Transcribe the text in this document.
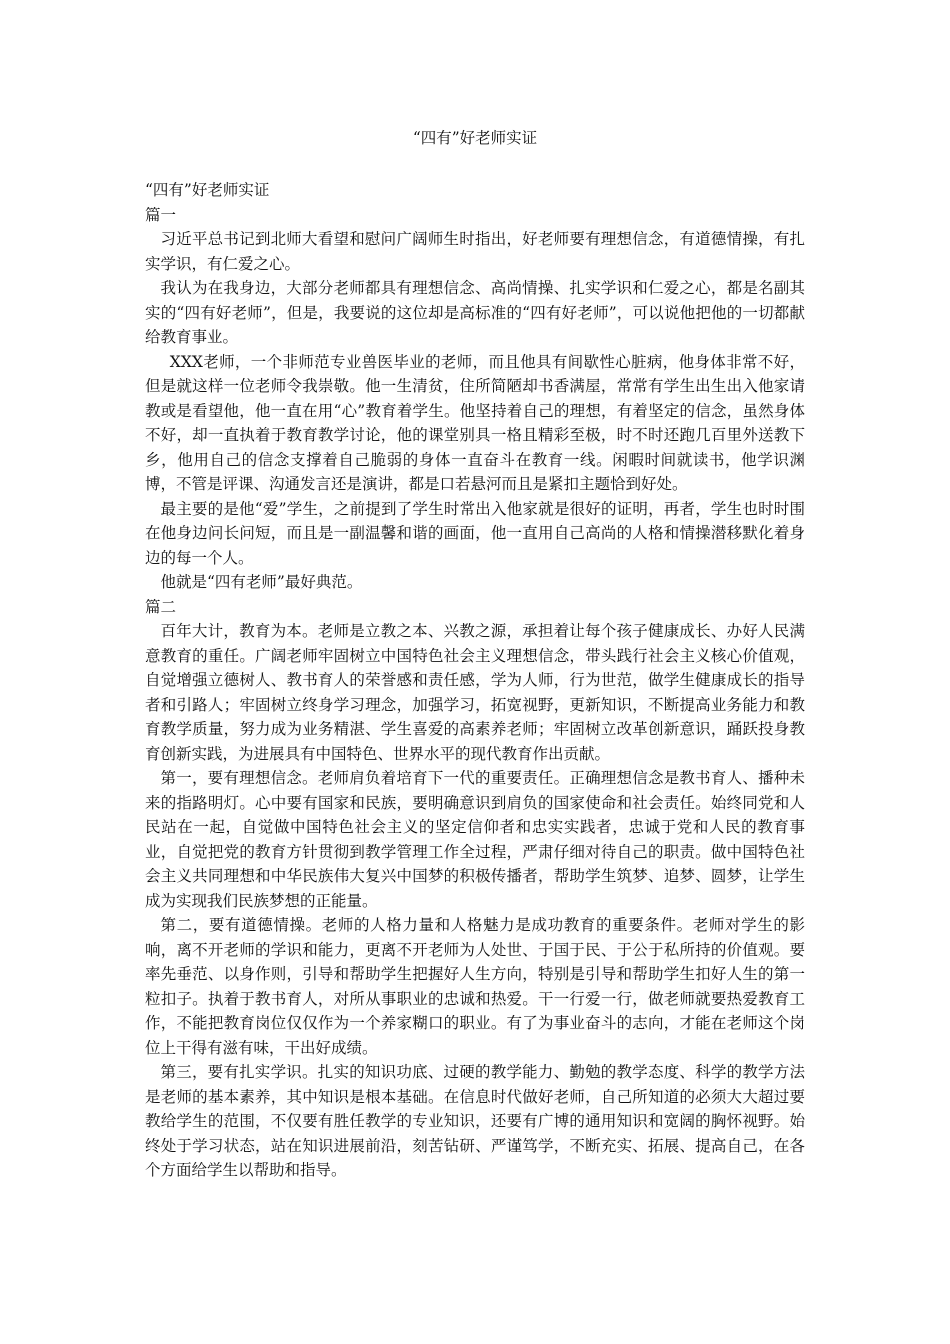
“四有”好老师实证

“四有”好老师实证

篇一

习近平总书记到北师大看望和慰问广阔师生时指出，好老师要有理想信念，有道德情操，有扎实学识，有仁爱之心。

我认为在我身边，大部分老师都具有理想信念、高尚情操、扎实学识和仁爱之心，都是名副其实的“四有好老师”，但是，我要说的这位却是高标准的“四有好老师”，可以说他把他的一切都献给教育事业。

XXX老师，一个非师范专业兽医毕业的老师，而且他具有间歇性心脏病，他身体非常不好，但是就这样一位老师令我崇敬。他一生清贫，住所简陋却书香满屋，常常有学生出生出入他家请教或是看望他，他一直在用“心”教育着学生。他坚持着自己的理想，有着坚定的信念，虽然身体不好，却一直执着于教育教学讨论，他的课堂别具一格且精彩至极，时不时还跑几百里外送教下乡，他用自己的信念支撑着自己脆弱的身体一直奋斗在教育一线。闲暇时间就读书，他学识渊博，不管是评课、沟通发言还是演讲，都是口若悬河而且是紧扣主题恰到好处。

最主要的是他“爱”学生，之前提到了学生时常出入他家就是很好的证明，再者，学生也时时围在他身边问长问短，而且是一副温馨和谐的画面，他一直用自己高尚的人格和情操潜移默化着身边的每一个人。

他就是“四有老师”最好典范。

篇二

百年大计，教育为本。老师是立教之本、兴教之源，承担着让每个孩子健康成长、办好人民满意教育的重任。广阔老师牢固树立中国特色社会主义理想信念，带头践行社会主义核心价值观，自觉增强立德树人、教书育人的荣誉感和责任感，学为人师，行为世范，做学生健康成长的指导者和引路人；牢固树立终身学习理念，加强学习，拓宽视野，更新知识，不断提高业务能力和教育教学质量，努力成为业务精湛、学生喜爱的高素养老师；牢固树立改革创新意识，踊跃投身教育创新实践，为进展具有中国特色、世界水平的现代教育作出贡献。

第一，要有理想信念。老师肩负着培育下一代的重要责任。正确理想信念是教书育人、播种未来的指路明灯。心中要有国家和民族，要明确意识到肩负的国家使命和社会责任。始终同党和人民站在一起，自觉做中国特色社会主义的坚定信仰者和忠实实践者，忠诚于党和人民的教育事业，自觉把党的教育方针贯彻到教学管理工作全过程，严肃仔细对待自己的职责。做中国特色社会主义共同理想和中华民族伟大复兴中国梦的积极传播者，帮助学生筑梦、追梦、圆梦，让学生成为实现我们民族梦想的正能量。

第二，要有道德情操。老师的人格力量和人格魅力是成功教育的重要条件。老师对学生的影响，离不开老师的学识和能力，更离不开老师为人处世、于国于民、于公于私所持的价值观。要率先垂范、以身作则，引导和帮助学生把握好人生方向，特别是引导和帮助学生扣好人生的第一粒扣子。执着于教书育人，对所从事职业的忠诚和热爱。干一行爱一行，做老师就要热爱教育工作，不能把教育岗位仅仅作为一个养家糊口的职业。有了为事业奋斗的志向，才能在老师这个岗位上干得有滋有味，干出好成绩。

第三，要有扎实学识。扎实的知识功底、过硬的教学能力、勤勉的教学态度、科学的教学方法是老师的基本素养，其中知识是根本基础。在信息时代做好老师，自己所知道的必须大大超过要教给学生的范围，不仅要有胜任教学的专业知识，还要有广博的通用知识和宽阔的胸怀视野。始终处于学习状态，站在知识进展前沿，刻苦钻研、严谨笃学，不断充实、拓展、提高自己，在各个方面给学生以帮助和指导。
